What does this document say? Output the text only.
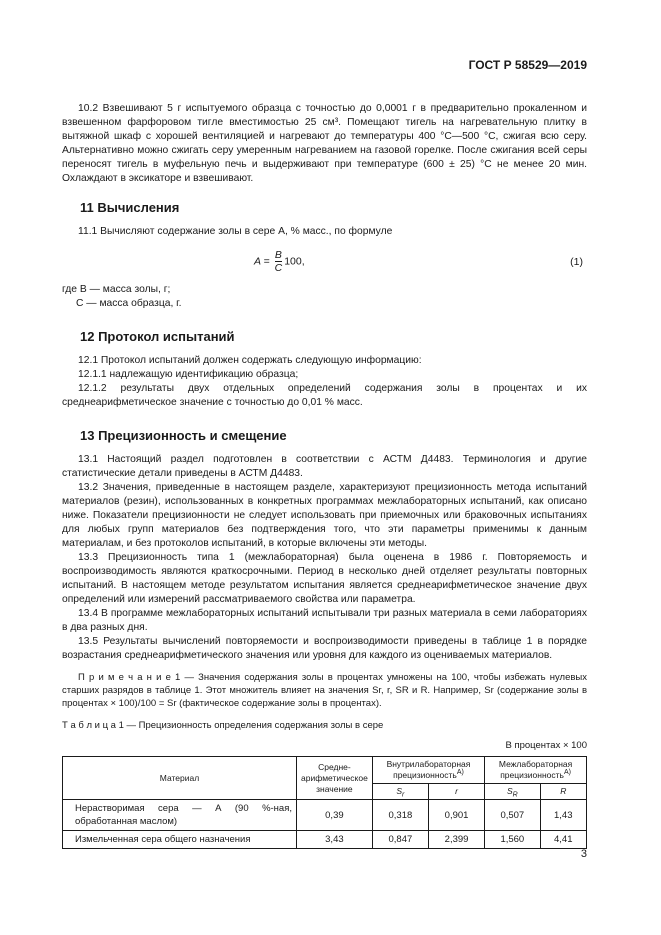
ГОСТ Р 58529—2019

10.2 Взвешивают 5 г испытуемого образца с точностью до 0,0001 г в предварительно прокаленном и взвешенном фарфоровом тигле вместимостью 25 см³. Помещают тигель на нагревательную плитку в вытяжной шкаф с хорошей вентиляцией и нагревают до температуры 400 °С—500 °С, сжигая всю серу. Альтернативно можно сжигать серу умеренным нагреванием на газовой горелке. После сжигания всей серы переносят тигель в муфельную печь и выдерживают при температуре (600 ± 25) °С не менее 20 мин. Охлаждают в эксикаторе и взвешивают.

11 Вычисления

11.1 Вычисляют содержание золы в сере A, % масс., по формуле

$A = \frac{B}{C} 100$,	(1)

где B — масса золы, г;

C — масса образца, г.

12 Протокол испытаний

12.1 Протокол испытаний должен содержать следующую информацию:

12.1.1 надлежащую идентификацию образца;

12.1.2 результаты двух отдельных определений содержания золы в процентах и их среднеарифметическое значение с точностью до 0,01 % масс.

13 Прецизионность и смещение

13.1 Настоящий раздел подготовлен в соответствии с АСТМ Д4483. Терминология и другие статистические детали приведены в АСТМ Д4483.

13.2 Значения, приведенные в настоящем разделе, характеризуют прецизионность метода испытаний материалов (резин), использованных в конкретных программах межлабораторных испытаний, как описано ниже. Показатели прецизионности не следует использовать при приемочных или браковочных испытаниях для любых групп материалов без подтверждения того, что эти параметры применимы к данным материалам, и без протоколов испытаний, в которые включены эти методы.

13.3 Прецизионность типа 1 (межлабораторная) была оценена в 1986 г. Повторяемость и воспроизводимость являются краткосрочными. Период в несколько дней отделяет результаты повторных испытаний. В настоящем методе результатом испытания является среднеарифметическое значение двух определений или измерений рассматриваемого свойства или параметра.

13.4 В программе межлабораторных испытаний испытывали три разных материала в семи лабораториях в два разных дня.

13.5 Результаты вычислений повторяемости и воспроизводимости приведены в таблице 1 в порядке возрастания среднеарифметического значения или уровня для каждого из оцениваемых материалов.

П р и м е ч а н и е 1 — Значения содержания золы в процентах умножены на 100, чтобы избежать нулевых старших разрядов в таблице 1. Этот множитель влияет на значения Sr, r, SR и R. Например, Sr (содержание золы в процентах × 100)/100 = Sr (фактическое содержание золы в процентах).

Т а б л и ц а 1 — Прецизионность определения содержания золы в сере
В процентах × 100
Материал	Средне-арифметическое значение	Внутрилабораторная прецизионность$^{A)}$		Межлабораторная прецизионность$^{A)}$
		$S_r$	r	$S_R$	R
Нерастворимая сера — А (90 %-ная, обработанная маслом)	0,39	0,318	0,901	0,507	1,43
Измельченная сера общего назначения	3,43	0,847	2,399	1,560	4,41
3
